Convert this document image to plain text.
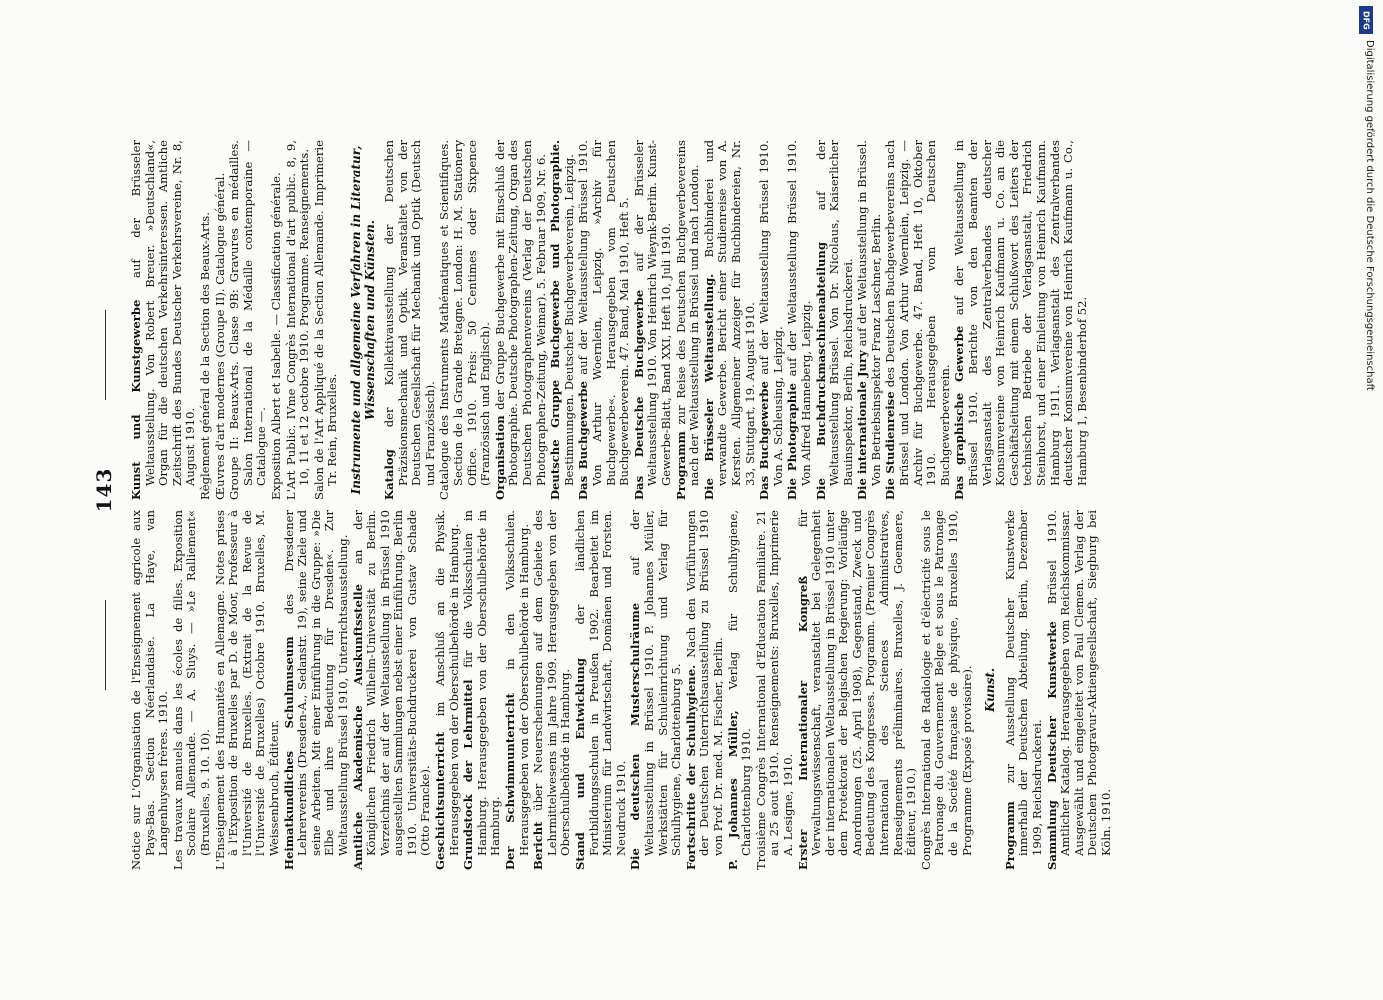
143
Notice sur L'Organisation de l'Enseignement agricole aux Pays-Bas. Section Néerlandaise. La Haye, van Langenhuysen frères. 1910. Les travaux manuels dans les écoles de filles. Exposition Scolaire Allemande. — A. Sluys. — »Le Ralliement« (Bruxelles, 9. 10. 10). L'Enseignement des Humanités en Allemagne. Notes prises à l'Exposition de Bruxelles par D. de Moor, Professeur à l'Université de Bruxelles. (Extrait de la Revue de l'Université de Bruxelles) Octobre 1910. Bruxelles, M. Weissenbruch, Éditeur. Heimatkundliches Schulmuseum des Dresdener Lehrervereins (Dresden-A., Sedanstr. 19), seine Ziele und seine Arbeiten. Mit einer Einführung in die Gruppe: »Die Elbe und ihre Bedeutung für Dresden«. Zur Weltausstellung Brüssel 1910, Unterrichtsausstellung. Amtliche Akademische Auskunftsstelle an der Königlichen Friedrich Wilhelm-Universität zu Berlin. Verzeichnis der auf der Weltausstellung in Brüssel 1910 ausgestellten Sammlungen nebst einer Einführung. Berlin 1910. Universitäts-Buchdruckerei von Gustav Schade (Otto Francke). Geschichtsunterricht im Anschluß an die Physik. Herausgegeben von der Oberschulbehörde in Hamburg. Grundstock der Lehrmittel für die Volksschulen in Hamburg. Herausgegeben von der Oberschulbehörde in Hamburg. Der Schwimmunterricht in den Volksschulen. Herausgegeben von der Oberschulbehörde in Hamburg. Bericht über Neuerscheinungen auf dem Gebiete des Lehrmittelwesens im Jahre 1909. Herausgegeben von der Oberschulbehörde in Hamburg. Stand und Entwicklung der ländlichen Fortbildungsschulen in Preußen 1902. Bearbeitet im Ministerium für Landwirtschaft, Domänen und Forsten. Neudruck 1910. Die deutschen Musterschulräume auf der Weltausstellung in Brüssel 1910. P. Johannes Müller, Werkstätten für Schuleinrichtung und Verlag für Schulhygiene, Charlottenburg 5. Fortschritte der Schulhygiene. Nach den Vorführungen der Deutschen Unterrichtsausstellung zu Brüssel 1910 von Prof. Dr. med. M. Fischer, Berlin. P. Johannes Müller, Verlag für Schulhygiene, Charlottenburg 1910. Troisième Congrès International d'Education Familiaire. 21 au 25 aout 1910. Renseignements: Bruxelles, Imprimerie A. Lesigne, 1910. Erster Internationaler Kongreß für Verwaltungswissenschaft, veranstaltet bei Gelegenheit der internationalen Weltausstellung in Brüssel 1910 unter dem Protektorat der Belgischen Regierung: Vorläufige Anordnungen (25. April 1908), Gegenstand, Zweck und Bedeutung des Kongresses. Programm. (Premier Congrès International des Sciences Administratives, Renseignements préliminaires. Bruxelles, J. Goemaere, Éditeur, 1910.) Congrès International de Radiologie et d'électricité sous le Patronage du Gouvernement Belge et sous le Patronage de la Société française de physique, Bruxelles 1910, Programme (Exposé provisoire). Kunst.
Programm zur Ausstellung Deutscher Kunstwerke innerhalb der Deutschen Abteilung. Berlin, Dezember 1909, Reichsdruckerei. Sammlung Deutscher Kunstwerke Brüssel 1910. Amtlicher Katalog. Herausgegeben vom Reichskommissar. Ausgewählt und eingeleitet von Paul Clemen. Verlag der Deutschen Photogravur-Aktiengesellschaft, Siegburg bei Köln. 1910.
Kunst und Kunstgewerbe auf der Brüsseler Weltausstellung. Von Robert Breuer. »Deutschland«, Organ für die deutschen Verkehrsinteressen. Amtliche Zeitschrift des Bundes Deutscher Verkehrsvereine, Nr. 8, August 1910. Règlement général de la Section des Beaux-Arts. Œuvres d'art modernes (Groupe II). Catalogue général. Groupe II: Beaux-Arts. Classe 9B: Gravures en médailles. Salon International de la Médaille contemporaine — Catalogue —. Exposition Albert et Isabelle. — Classification générale. L'Art Public. IVme Congrès International d'art public. 8, 9, 10, 11 et 12 octobre 1910. Programme. Renseignements. Salon de l'Art Appliqué de la Section Allemande. Imprimerie Tr. Rein, Bruxelles. Instrumente und allgemeine Verfahren in Literatur, Wissenschaften und Künsten.
Katalog der Kollektivausstellung der Deutschen Präzisionsmechanik und Optik. Veranstaltet von der Deutschen Gesellschaft für Mechanik und Optik (Deutsch und Französisch). Catalogue des Instruments Mathématiques et Scientifiques. Section de la Grande Bretagne. London: H. M. Stationery Office. 1910. Preis: 50 Centimes oder Sixpence (Französisch und Englisch). Organisation der Gruppe Buchgewerbe mit Einschluß der Photographie. Deutsche Photographen-Zeitung, Organ des Deutschen Photographenvereins (Verlag der Deutschen Photographen-Zeitung, Weimar). 5. Februar 1909, Nr. 6. Deutsche Gruppe Buchgewerbe und Photographie. Bestimmungen. Deutscher Buchgewerbeverein, Leipzig. Das Buchgewerbe auf der Weltausstellung Brüssel 1910. Von Arthur Woernlein, Leipzig. »Archiv für Buchgewerbe«. Herausgegeben vom Deutschen Buchgewerbeverein. 47. Band, Mai 1910, Heft 5. Das Deutsche Buchgewerbe auf der Brüsseler Weltausstellung 1910. Von Heinrich Wieynk-Berlin. Kunst-Gewerbe-Blatt, Band XXI, Heft 10, Juli 1910. Programm zur Reise des Deutschen Buchgewerbevereins nach der Weltausstellung in Brüssel und nach London. Die Brüsseler Weltausstellung. Buchbinderei und verwandte Gewerbe. Bericht einer Studienreise von A. Kersten. Allgemeiner Anzeiger für Buchbindereien, Nr. 33, Stuttgart, 19. August 1910. Das Buchgewerbe auf der Weltausstellung Brüssel 1910. Von A. Schleusing, Leipzig. Die Photographie auf der Weltausstellung Brüssel 1910. Von Alfred Hanneberg, Leipzig. Die Buchdruckmaschinenabteilung auf der Weltausstellung Brüssel. Von Dr. Nicolaus, Kaiserlicher Bauinspektor, Berlin, Reichsdruckerei. Die internationale Jury auf der Weltausstellung in Brüssel. Von Betriebsinspektor Franz Laschner, Berlin. Die Studienreise des Deutschen Buchgewerbevereins nach Brüssel und London. Von Arthur Woernlein, Leipzig. — Archiv für Buchgewerbe. 47. Band, Heft 10, Oktober 1910. Herausgegeben vom Deutschen Buchgewerbeverein. Das graphische Gewerbe auf der Weltausstellung in Brüssel 1910. Berichte von den Beamten der Verlagsanstalt des Zentralverbandes deutscher Konsumvereine von Heinrich Kaufmann u. Co. an die Geschäftsleitung mit einem Schlußwort des Leiters der technischen Betriebe der Verlagsanstalt, Friedrich Steinhorst, und einer Einleitung von Heinrich Kaufmann. Hamburg 1911. Verlagsanstalt des Zentralverbandes deutscher Konsumvereine von Heinrich Kaufmann u. Co., Hamburg 1, Besenbinderhof 52.
DFG
Digitalisierung gefördert durch die Deutsche Forschungsgemeinschaft
